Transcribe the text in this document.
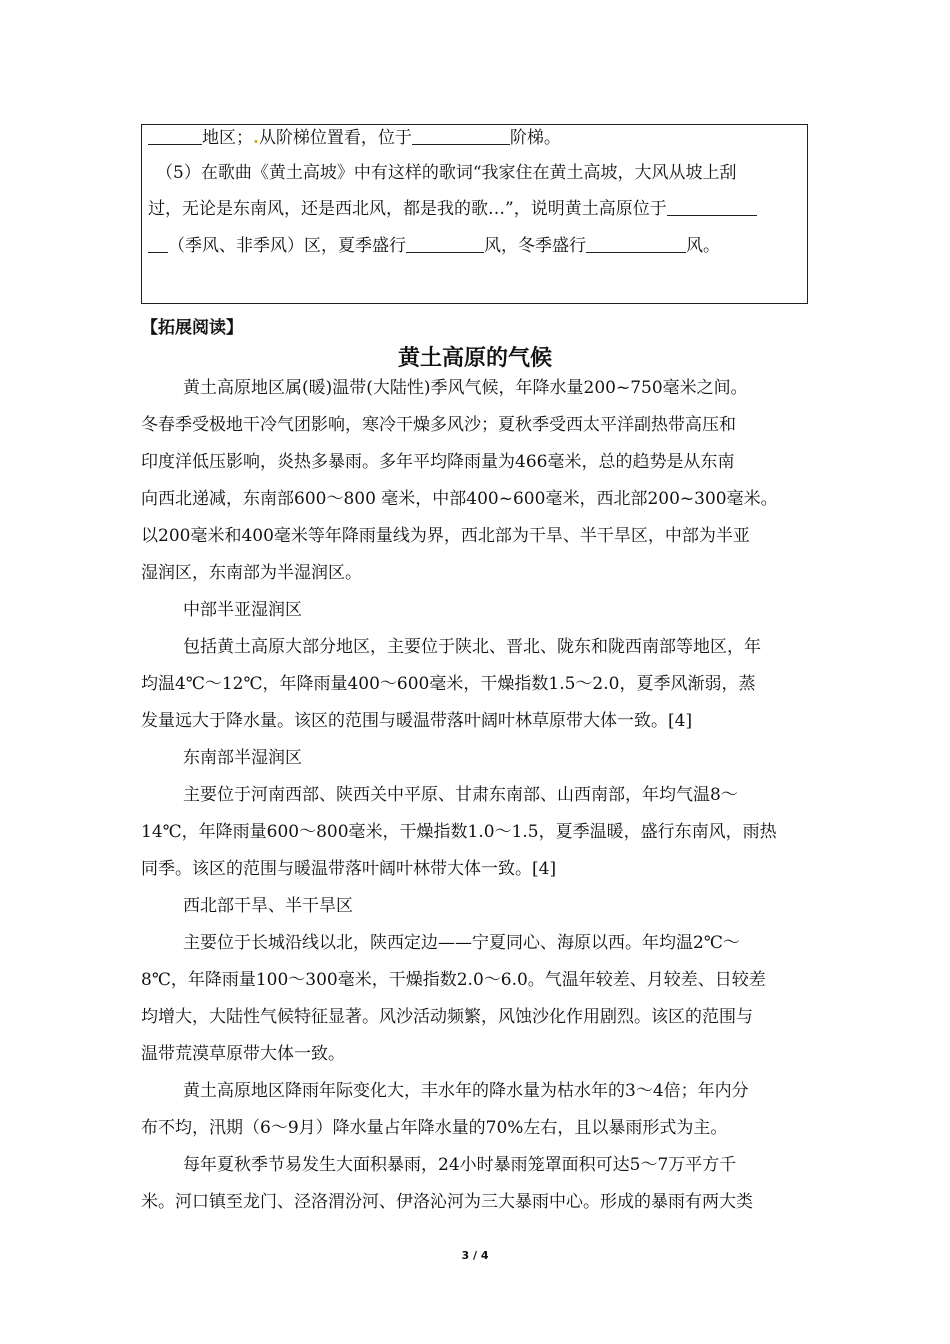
地区；.从阶梯位置看，位于	阶梯。
（5）在歌曲《黄土高坡》中有这样的歌词“我家住在黄土高坡，大风从坡上刮
过，无论是东南风，还是西北风，都是我的歌…”，说明黄土高原位于
（季风、非季风）区，夏季盛行	风，冬季盛行	风。
【拓展阅读】
黄土高原的气候
黄土高原地区属(暖)温带(大陆性)季风气候，年降水量200~750毫米之间。
冬春季受极地干冷气团影响，寒冷干燥多风沙；夏秋季受西太平洋副热带高压和
印度洋低压影响，炎热多暴雨。多年平均降雨量为466毫米，总的趋势是从东南
向西北递减，东南部600～800 毫米，中部400~600毫米，西北部200~300毫米。
以200毫米和400毫米等年降雨量线为界，西北部为干旱、半干旱区，中部为半亚
湿润区，东南部为半湿润区。
中部半亚湿润区
包括黄土高原大部分地区，主要位于陕北、晋北、陇东和陇西南部等地区，年
均温4℃～12℃，年降雨量400～600毫米，干燥指数1.5～2.0，夏季风渐弱，蒸
发量远大于降水量。该区的范围与暖温带落叶阔叶林草原带大体一致。[4]
东南部半湿润区
主要位于河南西部、陕西关中平原、甘肃东南部、山西南部，年均气温8～
14℃，年降雨量600～800毫米，干燥指数1.0～1.5，夏季温暖，盛行东南风，雨热
同季。该区的范围与暖温带落叶阔叶林带大体一致。[4]
西北部干旱、半干旱区
主要位于长城沿线以北，陕西定边——宁夏同心、海原以西。年均温2℃～
8℃，年降雨量100～300毫米，干燥指数2.0～6.0。气温年较差、月较差、日较差
均增大，大陆性气候特征显著。风沙活动频繁，风蚀沙化作用剧烈。该区的范围与
温带荒漠草原带大体一致。
黄土高原地区降雨年际变化大，丰水年的降水量为枯水年的3～4倍；年内分
布不均，汛期（6～9月）降水量占年降水量的70%左右，且以暴雨形式为主。
每年夏秋季节易发生大面积暴雨，24小时暴雨笼罩面积可达5～7万平方千
米。河口镇至龙门、泾洛渭汾河、伊洛沁河为三大暴雨中心。形成的暴雨有两大类
3 / 4
